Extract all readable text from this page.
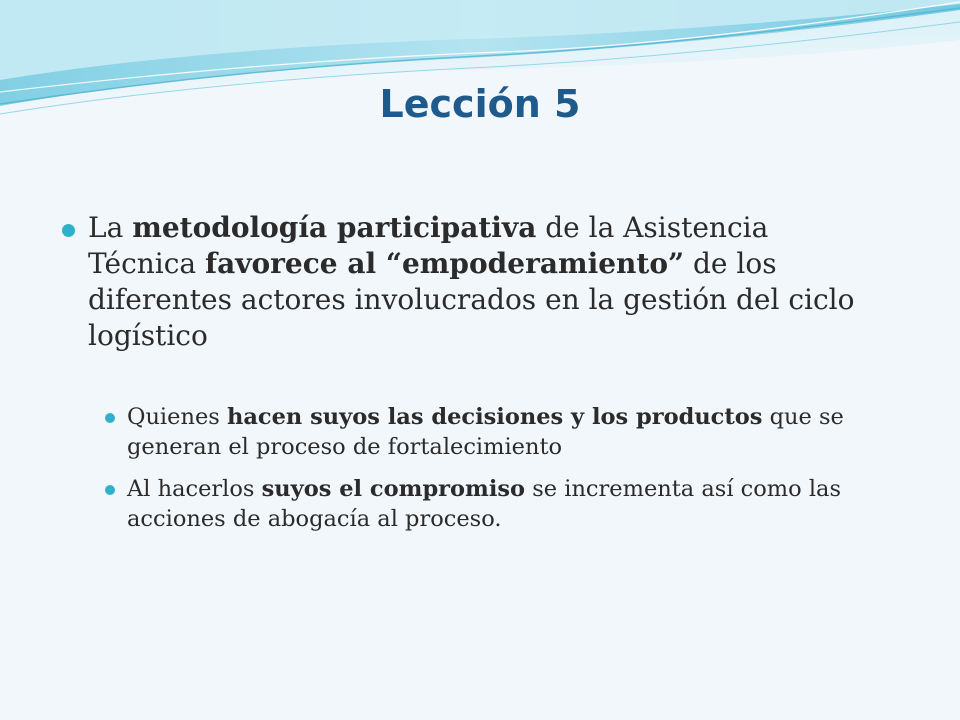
Lección 5
La metodología participativa de la Asistencia Técnica favorece al “empoderamiento” de los diferentes actores involucrados en la gestión del ciclo logístico
Quienes hacen suyos las decisiones y los productos que se generan el proceso de fortalecimiento
Al hacerlos suyos el compromiso se incrementa así como las acciones de abogacía al proceso.
